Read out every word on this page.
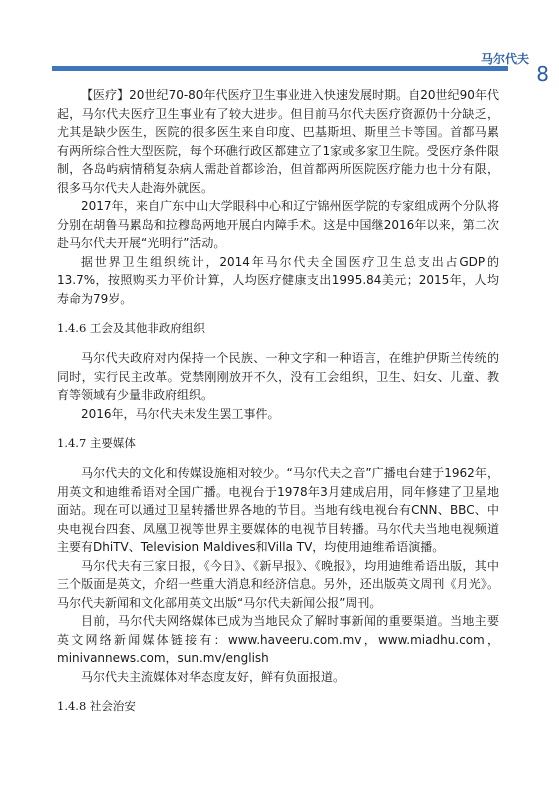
马尔代夫
8

【医疗】20世纪70-80年代医疗卫生事业进入快速发展时期。自20世纪90年代起，马尔代夫医疗卫生事业有了较大进步。但目前马尔代夫医疗资源仍十分缺乏，尤其是缺少医生，医院的很多医生来自印度、巴基斯坦、斯里兰卡等国。首都马累有两所综合性大型医院，每个环礁行政区都建立了1家或多家卫生院。受医疗条件限制，各岛屿病情稍复杂病人需赴首都诊治，但首都两所医院医疗能力也十分有限，很多马尔代夫人赴海外就医。

2017年，来自广东中山大学眼科中心和辽宁锦州医学院的专家组成两个分队将分别在胡鲁马累岛和拉穆岛两地开展白内障手术。这是中国继2016年以来，第二次赴马尔代夫开展“光明行”活动。

据世界卫生组织统计，2014年马尔代夫全国医疗卫生总支出占GDP的13.7%，按照购买力平价计算，人均医疗健康支出1995.84美元；2015年，人均寿命为79岁。

1.4.6 工会及其他非政府组织

马尔代夫政府对内保持一个民族、一种文字和一种语言，在维护伊斯兰传统的同时，实行民主改革。党禁刚刚放开不久，没有工会组织，卫生、妇女、儿童、教育等领域有少量非政府组织。

2016年，马尔代夫未发生罢工事件。

1.4.7 主要媒体

马尔代夫的文化和传媒设施相对较少。“马尔代夫之音”广播电台建于1962年，用英文和迪维希语对全国广播。电视台于1978年3月建成启用，同年修建了卫星地面站。现在可以通过卫星转播世界各地的节目。当地有线电视台有CNN、BBC、中央电视台四套、凤凰卫视等世界主要媒体的电视节目转播。马尔代夫当地电视频道主要有DhiTV、Television Maldives和Villa TV，均使用迪维希语演播。

马尔代夫有三家日报，《今日》、《新早报》、《晚报》，均用迪维希语出版，其中三个版面是英文，介绍一些重大消息和经济信息。另外，还出版英文周刊《月光》。马尔代夫新闻和文化部用英文出版“马尔代夫新闻公报”周刊。

目前，马尔代夫网络媒体已成为当地民众了解时事新闻的重要渠道。当地主要英文网络新闻媒体链接有：www.haveeru.com.mv，www.miadhu.com，minivannews.com，sun.mv/english

马尔代夫主流媒体对华态度友好，鲜有负面报道。

1.4.8 社会治安
